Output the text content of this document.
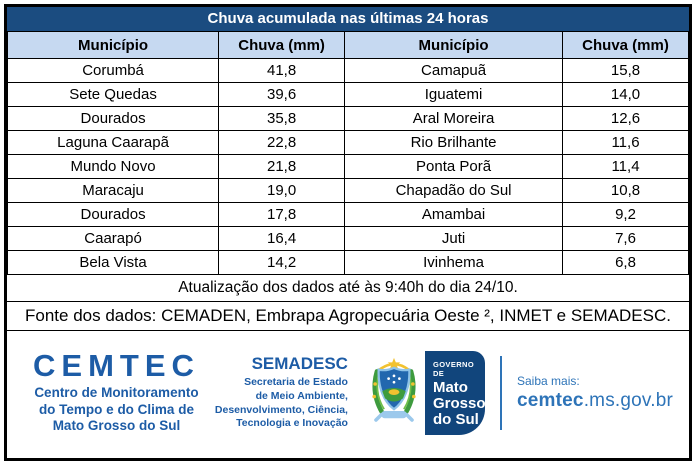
Chuva acumulada nas últimas 24 horas
Município	Chuva (mm)	Município	Chuva (mm)
Corumbá	41,8	Camapuã	15,8
Sete Quedas	39,6	Iguatemi	14,0
Dourados	35,8	Aral Moreira	12,6
Laguna Caarapã	22,8	Rio Brilhante	11,6
Mundo Novo	21,8	Ponta Porã	11,4
Maracaju	19,0	Chapadão do Sul	10,8
Dourados	17,8	Amambai	9,2
Caarapó	16,4	Juti	7,6
Bela Vista	14,2	Ivinhema	6,8
Atualização dos dados até às 9:40h do dia 24/10.
Fonte dos dados: CEMADEN, Embrapa Agropecuária Oeste ², INMET e SEMADESC.
CEMTEC
Centro de Monitoramento
do Tempo e do Clima de
Mato Grosso do Sul
SEMADESC
Secretaria de Estado
de Meio Ambiente,
Desenvolvimento, Ciência,
Tecnologia e Inovação
GOVERNO DE
Mato
Grosso
do Sul
Saiba mais:
cemtec.ms.gov.br
